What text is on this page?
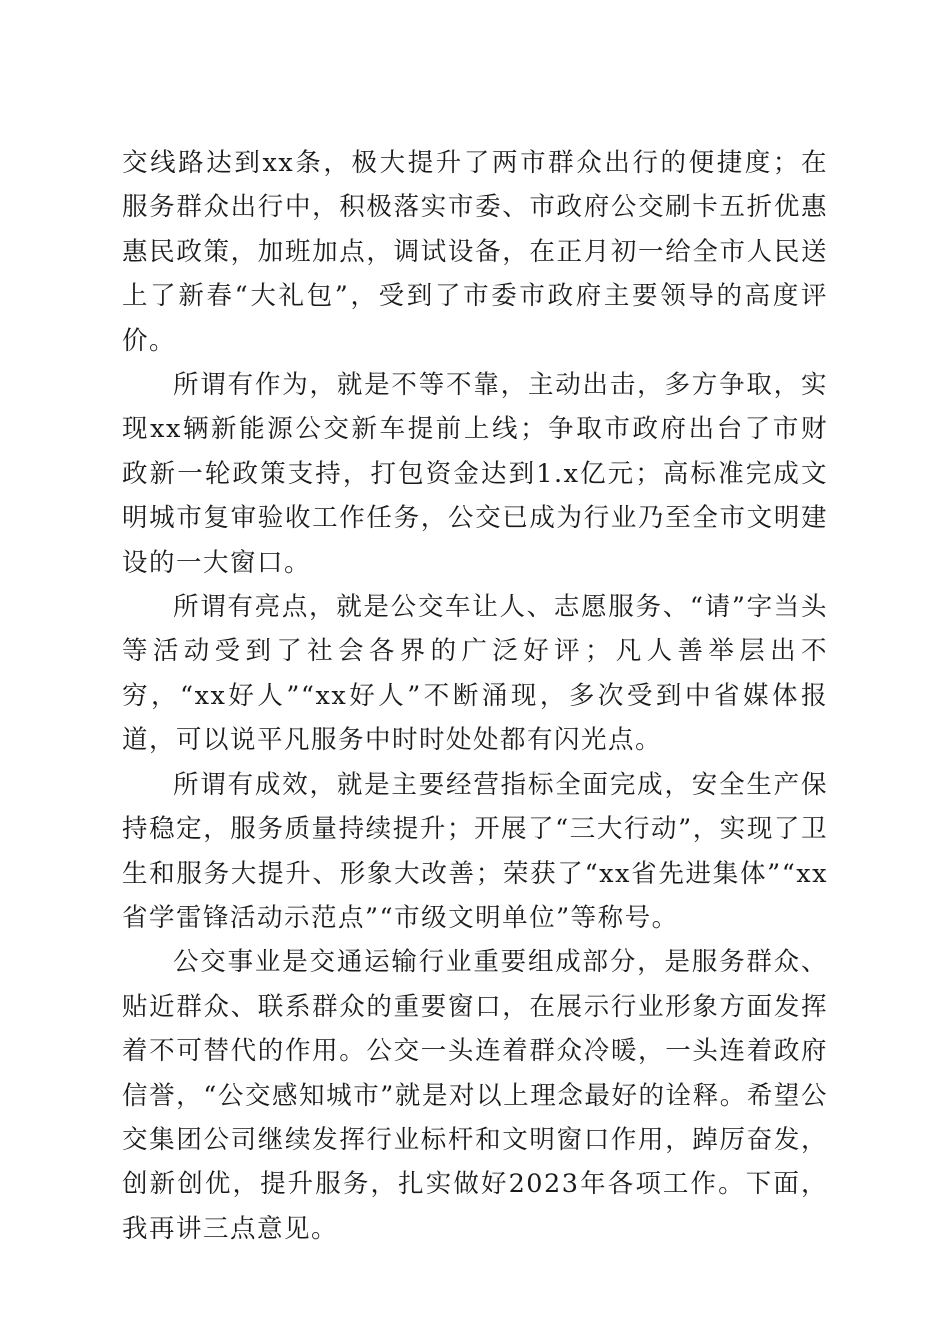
交线路达到xx条，极大提升了两市群众出行的便捷度；在服务群众出行中，积极落实市委、市政府公交刷卡五折优惠惠民政策，加班加点，调试设备，在正月初一给全市人民送上了新春“大礼包”，受到了市委市政府主要领导的高度评价。

所谓有作为，就是不等不靠，主动出击，多方争取，实现xx辆新能源公交新车提前上线；争取市政府出台了市财政新一轮政策支持，打包资金达到1.x亿元；高标准完成文明城市复审验收工作任务，公交已成为行业乃至全市文明建设的一大窗口。

所谓有亮点，就是公交车让人、志愿服务、“请”字当头等活动受到了社会各界的广泛好评；凡人善举层出不穷，“xx好人”“xx好人”不断涌现，多次受到中省媒体报道，可以说平凡服务中时时处处都有闪光点。

所谓有成效，就是主要经营指标全面完成，安全生产保持稳定，服务质量持续提升；开展了“三大行动”，实现了卫生和服务大提升、形象大改善；荣获了“xx省先进集体”“xx省学雷锋活动示范点”“市级文明单位”等称号。

公交事业是交通运输行业重要组成部分，是服务群众、贴近群众、联系群众的重要窗口，在展示行业形象方面发挥着不可替代的作用。公交一头连着群众冷暖，一头连着政府信誉，“公交感知城市”就是对以上理念最好的诠释。希望公交集团公司继续发挥行业标杆和文明窗口作用，踔厉奋发，创新创优，提升服务，扎实做好2023年各项工作。下面，我再讲三点意见。
